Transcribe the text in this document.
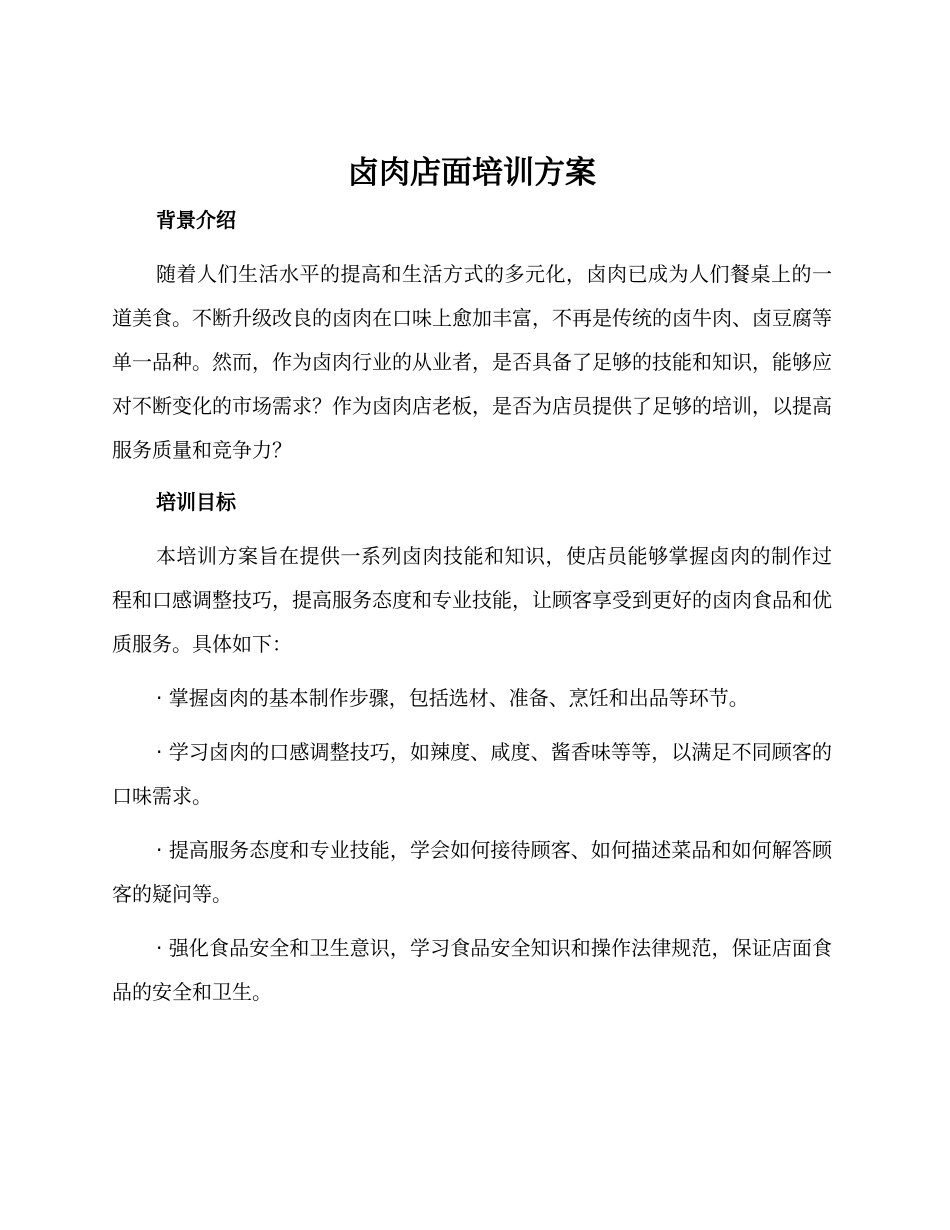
卤肉店面培训方案
背景介绍

随着人们生活水平的提高和生活方式的多元化，卤肉已成为人们餐桌上的一道美食。不断升级改良的卤肉在口味上愈加丰富，不再是传统的卤牛肉、卤豆腐等单一品种。然而，作为卤肉行业的从业者，是否具备了足够的技能和知识，能够应对不断变化的市场需求？作为卤肉店老板，是否为店员提供了足够的培训，以提高服务质量和竞争力？

培训目标

本培训方案旨在提供一系列卤肉技能和知识，使店员能够掌握卤肉的制作过程和口感调整技巧，提高服务态度和专业技能，让顾客享受到更好的卤肉食品和优质服务。具体如下：

· 掌握卤肉的基本制作步骤，包括选材、准备、烹饪和出品等环节。

· 学习卤肉的口感调整技巧，如辣度、咸度、酱香味等等，以满足不同顾客的口味需求。

· 提高服务态度和专业技能，学会如何接待顾客、如何描述菜品和如何解答顾客的疑问等。

· 强化食品安全和卫生意识，学习食品安全知识和操作法律规范，保证店面食品的安全和卫生。
